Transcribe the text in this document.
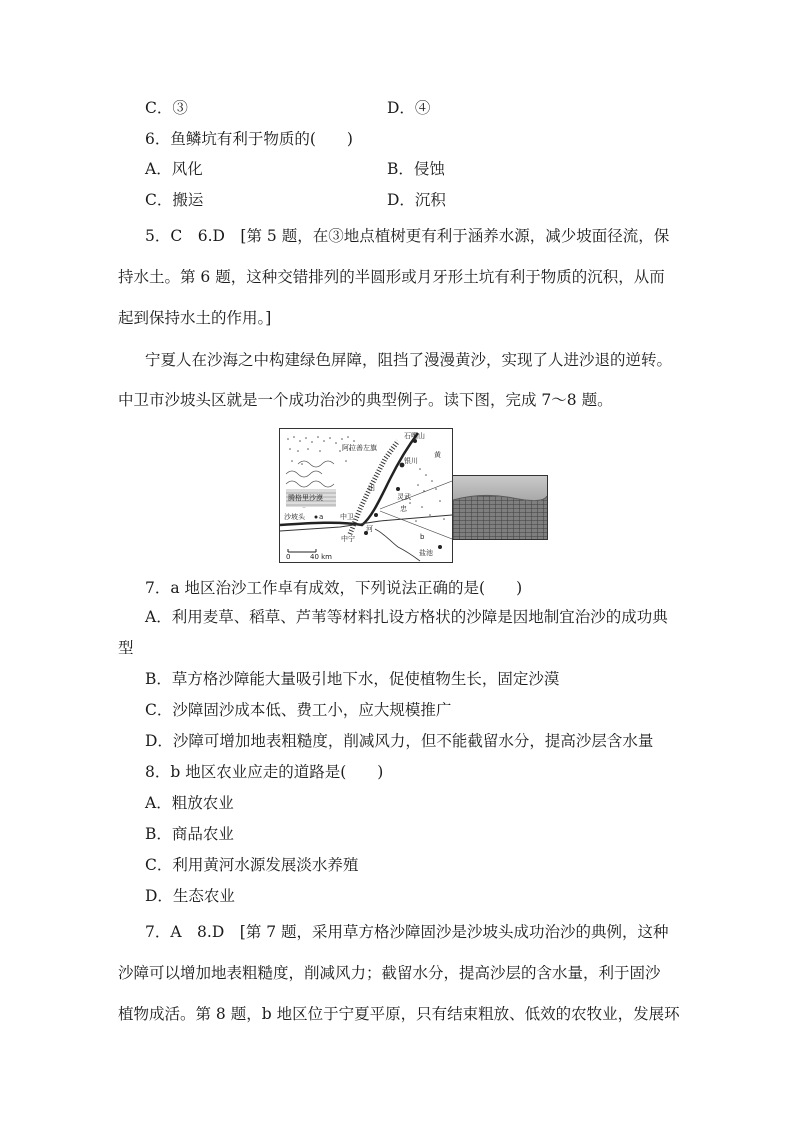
C．③	D．④
6．鱼鳞坑有利于物质的(　　)
A．风化	B．侵蚀
C．搬运	D．沉积
5．C　6.D　[第 5 题，在③地点植树更有利于涵养水源，减少坡面径流，保
持水土。第 6 题，这种交错排列的半圆形或月牙形土坑有利于物质的沉积，从而
起到保持水土的作用。]
宁夏人在沙海之中构建绿色屏障，阻挡了漫漫黄沙，实现了人进沙退的逆转。
中卫市沙坡头区就是一个成功治沙的典型例子。读下图，完成 7～8 题。
石嘴山
阿拉善左旗
银川
黄
山
腾格里沙漠	灵武
忠
沙坡头 a 中卫
河
中宁	b
盐池
0	40 km
7．a 地区治沙工作卓有成效，下列说法正确的是(　　)
A．利用麦草、稻草、芦苇等材料扎设方格状的沙障是因地制宜治沙的成功典
型
B．草方格沙障能大量吸引地下水，促使植物生长，固定沙漠
C．沙障固沙成本低、费工小，应大规模推广
D．沙障可增加地表粗糙度，削减风力，但不能截留水分，提高沙层含水量
8．b 地区农业应走的道路是(　　)
A．粗放农业
B．商品农业
C．利用黄河水源发展淡水养殖
D．生态农业
7．A　8.D　[第 7 题，采用草方格沙障固沙是沙坡头成功治沙的典例，这种
沙障可以增加地表粗糙度，削减风力；截留水分，提高沙层的含水量，利于固沙
植物成活。第 8 题，b 地区位于宁夏平原，只有结束粗放、低效的农牧业，发展环
